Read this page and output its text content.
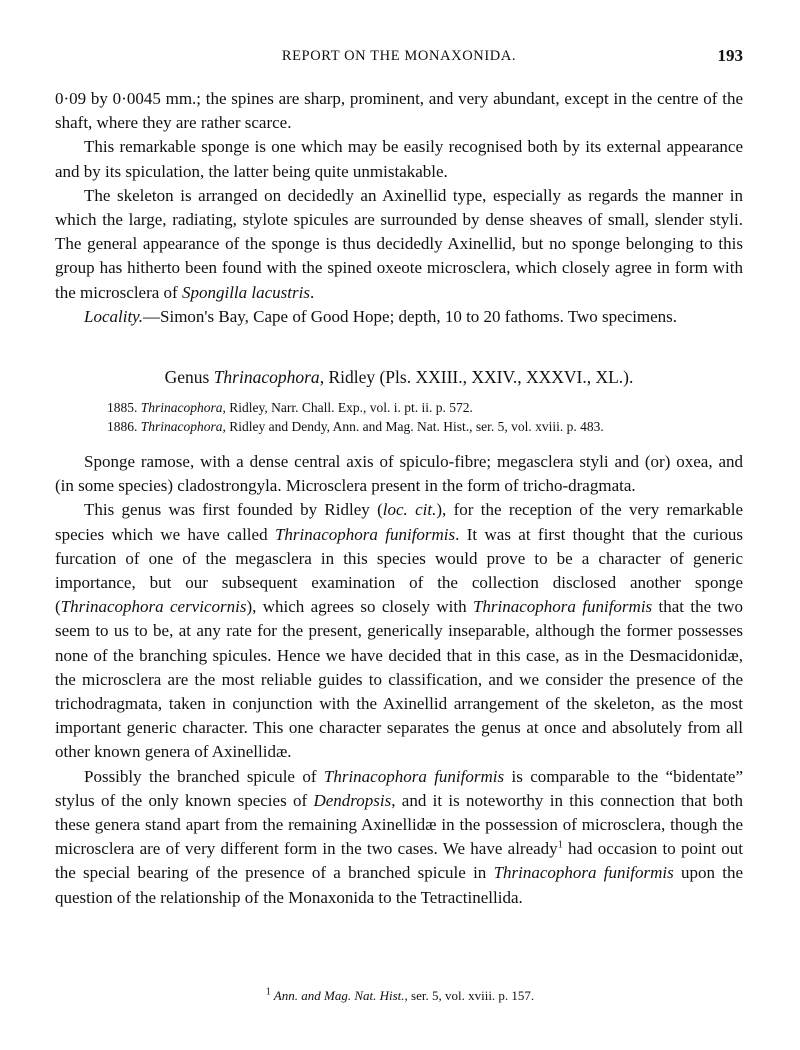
REPORT ON THE MONAXONIDA.	193

0·09 by 0·0045 mm.; the spines are sharp, prominent, and very abundant, except in the centre of the shaft, where they are rather scarce.

This remarkable sponge is one which may be easily recognised both by its external appearance and by its spiculation, the latter being quite unmistakable.

The skeleton is arranged on decidedly an Axinellid type, especially as regards the manner in which the large, radiating, stylote spicules are surrounded by dense sheaves of small, slender styli. The general appearance of the sponge is thus decidedly Axinellid, but no sponge belonging to this group has hitherto been found with the spined oxeote microsclera, which closely agree in form with the microsclera of Spongilla lacustris.

Locality.—Simon's Bay, Cape of Good Hope; depth, 10 to 20 fathoms. Two specimens.

Genus Thrinacophora, Ridley (Pls. XXIII., XXIV., XXXVI., XL.).
1885. Thrinacophora, Ridley, Narr. Chall. Exp., vol. i. pt. ii. p. 572.
1886. Thrinacophora, Ridley and Dendy, Ann. and Mag. Nat. Hist., ser. 5, vol. xviii. p. 483.

Sponge ramose, with a dense central axis of spiculo-fibre; megasclera styli and (or) oxea, and (in some species) cladostrongyla. Microsclera present in the form of tricho-dragmata.

This genus was first founded by Ridley (loc. cit.), for the reception of the very remarkable species which we have called Thrinacophora funiformis. It was at first thought that the curious furcation of one of the megasclera in this species would prove to be a character of generic importance, but our subsequent examination of the collection disclosed another sponge (Thrinacophora cervicornis), which agrees so closely with Thrinacophora funiformis that the two seem to us to be, at any rate for the present, generically inseparable, although the former possesses none of the branching spicules. Hence we have decided that in this case, as in the Desmacidonidæ, the microsclera are the most reliable guides to classification, and we consider the presence of the trichodragmata, taken in conjunction with the Axinellid arrangement of the skeleton, as the most important generic character. This one character separates the genus at once and absolutely from all other known genera of Axinellidæ.

Possibly the branched spicule of Thrinacophora funiformis is comparable to the “bidentate” stylus of the only known species of Dendropsis, and it is noteworthy in this connection that both these genera stand apart from the remaining Axinellidæ in the possession of microsclera, though the microsclera are of very different form in the two cases. We have already$^1$ had occasion to point out the special bearing of the presence of a branched spicule in Thrinacophora funiformis upon the question of the relationship of the Monaxonida to the Tetractinellida.

$^1$ Ann. and Mag. Nat. Hist., ser. 5, vol. xviii. p. 157.
